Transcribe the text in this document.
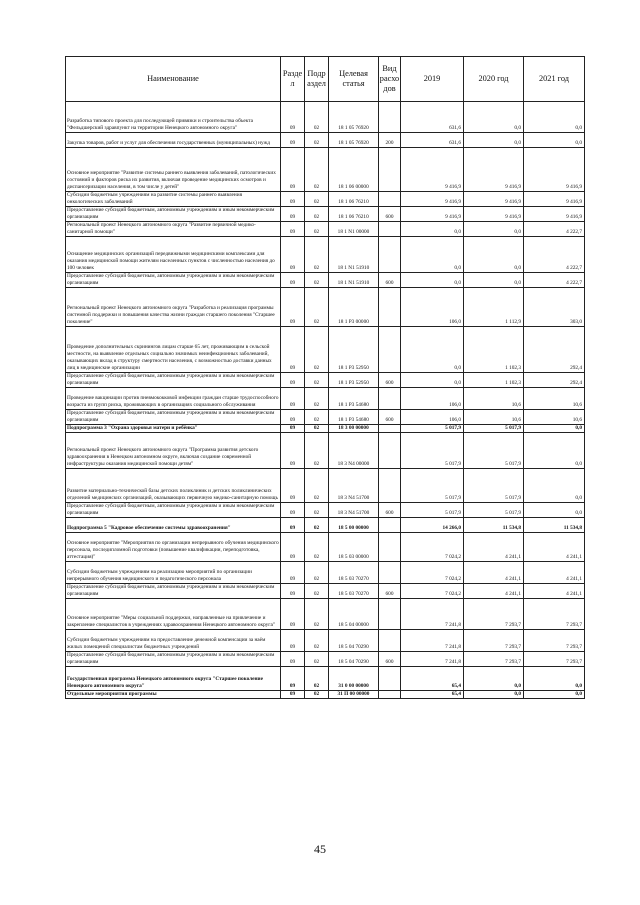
Наименование	Разде л	Подр аздел	Целевая статья	Вид расхо дов	2019	2020 год	2021 год
Разработка типового проекта для последующей привязки и строительства объекта "Фельдшерский здравпункт на территории Ненецкого автономного округа"	09	02	18 1 05 76920		631,6	0,0	0,0
Закупка товаров, работ и услуг для обеспечения государственных (муниципальных) нужд	09	02	18 1 05 76920	200	631,6	0,0	0,0
Основное мероприятие "Развитие системы раннего выявления заболеваний, патологических состояний и факторов риска их развития, включая проведение медицинских осмотров и диспансеризации населения, в том числе у детей"	09	02	18 1 06 00000		9 416,9	9 416,9	9 416,9
Субсидии бюджетным учреждениям на развитие системы раннего выявления онкологических заболеваний	09	02	18 1 06 76210		9 416,9	9 416,9	9 416,9
Предоставление субсидий бюджетным, автономным учреждениям и иным некоммерческим организациям	09	02	18 1 06 76210	600	9 416,9	9 416,9	9 416,9
Региональный проект Ненецкого автономного округа "Развитие первичной медико-санитарной помощи"	09	02	18 1 N1 00000		0,0	0,0	4 222,7
Оснащение медицинских организаций передвижными медицинскими комплексами для оказания медицинской помощи жителям населенных пунктов с численностью населения до 100 человек	09	02	18 1 N1 51910		0,0	0,0	4 222,7
Предоставление субсидий бюджетным, автономным учреждениям и иным некоммерческим организациям	09	02	18 1 N1 51910	600	0,0	0,0	4 222,7
Региональный проект Ненецкого автономного округа "Разработка и реализация программы системной поддержки и повышения качества жизни граждан старшего поколения "Старшее поколение"	09	02	18 1 P3 00000		106,0	1 112,9	303,0
Проведение дополнительных скринингов лицам старше 65 лет, проживающим в сельской местности, на выявление отдельных социально значимых неинфекционных заболеваний, оказывающих вклад в структуру смертности населения, с возможностью доставки данных лиц в медицинские организации	09	02	18 1 P3 52950		0,0	1 102,3	292,4
Предоставление субсидий бюджетным, автономным учреждениям и иным некоммерческим организациям	09	02	18 1 P3 52950	600	0,0	1 102,3	292,4
Проведение вакцинации против пневмококковой инфекции граждан старше трудоспособного возраста из групп риска, проживающих в организациях социального обслуживания	09	02	18 1 P3 54680		106,0	10,6	10,6
Предоставление субсидий бюджетным, автономным учреждениям и иным некоммерческим организациям	09	02	18 1 P3 54680	600	106,0	10,6	10,6
Подпрограмма 3 "Охрана здоровья матери и ребёнка"	09	02	18 3 00 00000		5 017,9	5 017,9	0,0
Региональный проект Ненецкого автономного округа "Программа развития детского здравоохранения в Ненецком автономном округе, включая создание современной инфраструктуры оказания медицинской помощи детям"	09	02	18 3 N4 00000		5 017,9	5 017,9	0,0
Развитие материально-технической базы детских поликлиник и детских поликлинических отделений медицинских организаций, оказывающих первичную медико-санитарную помощь	09	02	18 3 N4 51700		5 017,9	5 017,9	0,0
Предоставление субсидий бюджетным, автономным учреждениям и иным некоммерческим организациям	09	02	18 3 N4 51700	600	5 017,9	5 017,9	0,0
Подпрограмма 5 "Кадровое обеспечение системы здравоохранения"	09	02	18 5 00 00000		14 266,0	11 534,8	11 534,8
Основное мероприятие "Мероприятия по организации непрерывного обучения медицинского персонала, последипломной подготовки (повышение квалификации, переподготовка, аттестация)"	09	02	18 5 03 00000		7 024,2	4 241,1	4 241,1
Субсидии бюджетным учреждениям на реализацию мероприятий по организации непрерывного обучения медицинского и педагогического персонала	09	02	18 5 03 70270		7 024,2	4 241,1	4 241,1
Предоставление субсидий бюджетным, автономным учреждениям и иным некоммерческим организациям	09	02	18 5 03 70270	600	7 024,2	4 241,1	4 241,1
Основное мероприятие "Меры социальной поддержки, направленные на привлечение и закрепление специалистов в учреждениях здравоохранения Ненецкого автономного округа"	09	02	18 5 04 00000		7 241,8	7 293,7	7 293,7
Субсидии бюджетным учреждениям на предоставление денежной компенсации за наём жилых помещений специалистам бюджетных учреждений	09	02	18 5 04 70290		7 241,8	7 293,7	7 293,7
Предоставление субсидий бюджетным, автономным учреждениям и иным некоммерческим организациям	09	02	18 5 04 70290	600	7 241,8	7 293,7	7 293,7
Государственная программа Ненецкого автономного округа "Старшее поколение Ненецкого автономного округа"	09	02	31 0 00 00000		65,4	0,0	0,0
Отдельные мероприятия программы	09	02	31 П 00 00000		65,4	0,0	0,0
45
